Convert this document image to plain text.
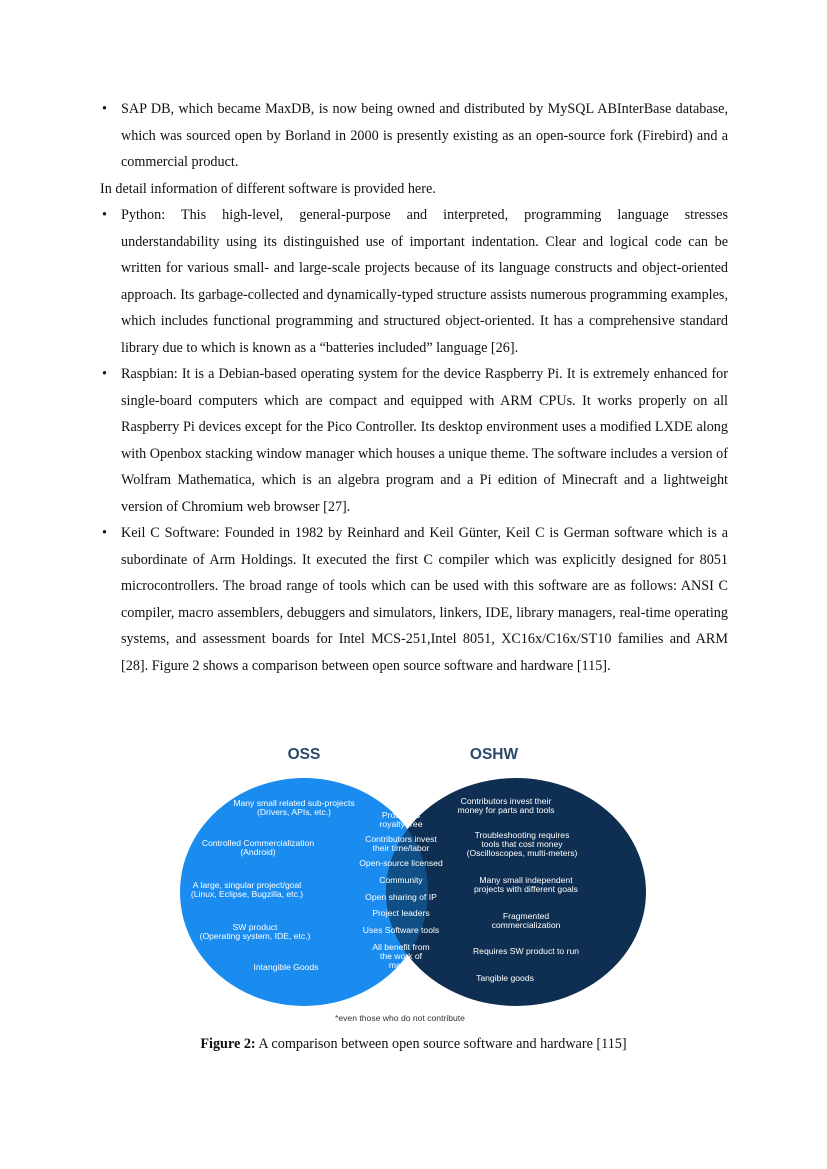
• SAP DB, which became MaxDB, is now being owned and distributed by MySQL ABInterBase database, which was sourced open by Borland in 2000 is presently existing as an open-source fork (Firebird) and a commercial product.
In detail information of different software is provided here.
• Python: This high-level, general-purpose and interpreted, programming language stresses understandability using its distinguished use of important indentation. Clear and logical code can be written for various small- and large-scale projects because of its language constructs and object-oriented approach. Its garbage-collected and dynamically-typed structure assists numerous programming examples, which includes functional programming and structured object-oriented. It has a comprehensive standard library due to which is known as a “batteries included” language [26].
• Raspbian: It is a Debian-based operating system for the device Raspberry Pi. It is extremely enhanced for single-board computers which are compact and equipped with ARM CPUs. It works properly on all Raspberry Pi devices except for the Pico Controller. Its desktop environment uses a modified LXDE along with Openbox stacking window manager which houses a unique theme. The software includes a version of Wolfram Mathematica, which is an algebra program and a Pi edition of Minecraft and a lightweight version of Chromium web browser [27].
• Keil C Software: Founded in 1982 by Reinhard and Keil Günter, Keil C is German software which is a subordinate of Arm Holdings. It executed the first C compiler which was explicitly designed for 8051 microcontrollers. The broad range of tools which can be used with this software are as follows: ANSI C compiler, macro assemblers, debuggers and simulators, linkers, IDE, library managers, real-time operating systems, and assessment boards for Intel MCS-251,Intel 8051, XC16x/C16x/ST10 families and ARM [28]. Figure 2 shows a comparison between open source software and hardware [115].
OSS	OSHW
Many small related sub-projects (Drivers, APIs, etc.)
Controlled Commercialization (Android)
A large, singular project/goal (Linux, Eclipse, Bugzilla, etc.)
SW product (Operating system, IDE, etc.)
Intangible Goods
Product is royalty-free
Contributors invest their time/labor
Open-source licensed
Community
Open sharing of IP
Project leaders
Uses Software tools
All benefit from the work of many*
Contributors invest their money for parts and tools
Troubleshooting requires tools that cost money (Oscilloscopes, multi-meters)
Many small independent projects with different goals
Fragmented commercialization
Requires SW product to run
Tangible goods
*even those who do not contribute
Figure 2: A comparison between open source software and hardware [115]
